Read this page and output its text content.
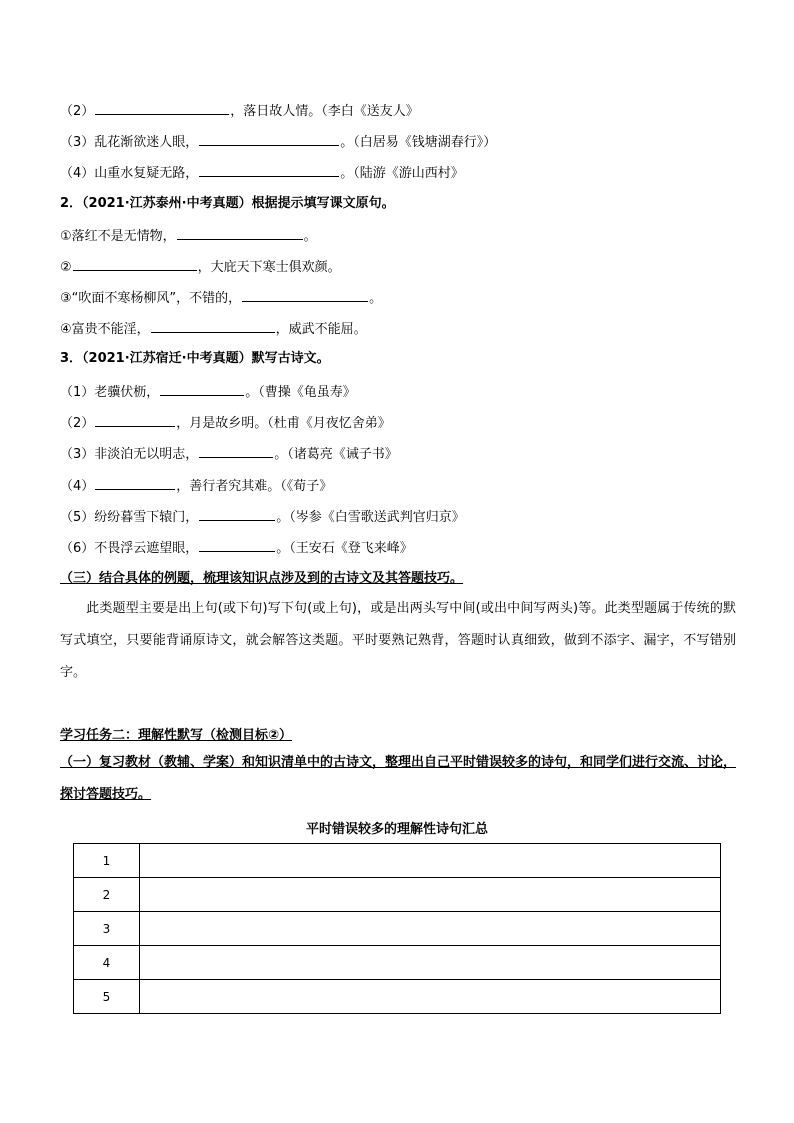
（2）	，落日故人情。（李白《送友人》
（3）乱花渐欲迷人眼，	。（白居易《钱塘湖春行》）
（4）山重水复疑无路，	。（陆游《游山西村》
2．（2021·江苏泰州·中考真题）根据提示填写课文原句。
①落红不是无情物，	。
②	，大庇天下寒士俱欢颜。
③“吹面不寒杨柳风”，不错的，	。
④富贵不能淫，	，威武不能屈。
3．（2021·江苏宿迁·中考真题）默写古诗文。
（1）老骥伏枥，	。（曹操《龟虽寿》
（2）	，月是故乡明。（杜甫《月夜忆舍弟》
（3）非淡泊无以明志，	。（诸葛亮《诫子书》
（4）	，善行者究其难。（《荀子》
（5）纷纷暮雪下辕门，	。（岑参《白雪歌送武判官归京》
（6）不畏浮云遮望眼，	。（王安石《登飞来峰》
（三）结合具体的例题，梳理该知识点涉及到的古诗文及其答题技巧。
此类题型主要是出上句(或下句)写下句(或上句)，或是出两头写中间(或出中间写两头)等。此类型题属于传统的默写式填空，只要能背诵原诗文，就会解答这类题。平时要熟记熟背，答题时认真细致，做到不添字、漏字，不写错别字。
学习任务二：理解性默写（检测目标②）
（一）复习教材（教辅、学案）和知识清单中的古诗文，整理出自己平时错误较多的诗句，和同学们进行交流、讨论，探讨答题技巧。
平时错误较多的理解性诗句汇总
1	
2	
3	
4	
5	
